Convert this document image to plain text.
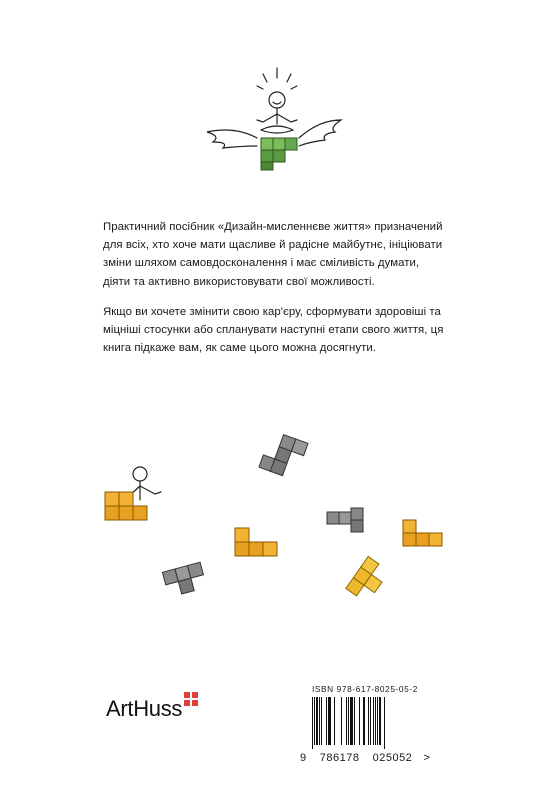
Практичний посібник «Дизайн-мисленнєве життя» призначений для всіх, хто хоче мати щасливе й радісне майбутнє, ініціювати зміни шляхом самовдосконалення і має сміливість думати, діяти та активно використовувати свої можливості.

Якщо ви хочете змінити свою кар'єру, сформувати здоровіші та міцніші стосунки або спланувати наступні етапи свого життя, ця книга підкаже вам, як саме цього можна досягнути.

ArtHuss
ISBN 978-617-8025-05-2
9 786178 025052 >
